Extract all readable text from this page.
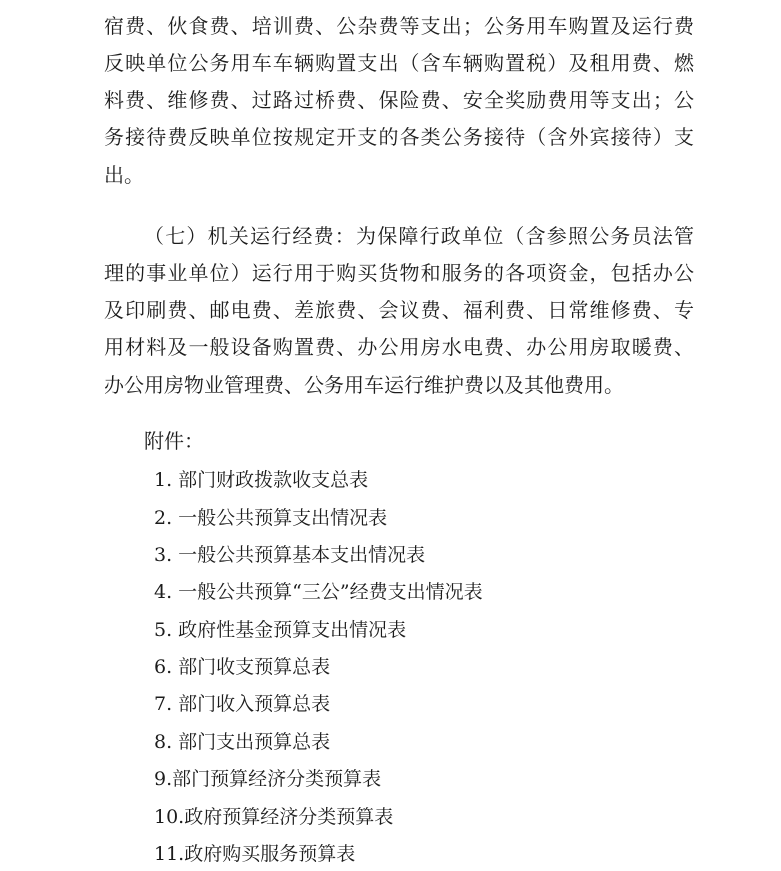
宿费、伙食费、培训费、公杂费等支出；公务用车购置及运行费
反映单位公务用车车辆购置支出（含车辆购置税）及租用费、燃
料费、维修费、过路过桥费、保险费、安全奖励费用等支出；公
务接待费反映单位按规定开支的各类公务接待（含外宾接待）支
出。
（七）机关运行经费：为保障行政单位（含参照公务员法管
理的事业单位）运行用于购买货物和服务的各项资金，包括办公
及印刷费、邮电费、差旅费、会议费、福利费、日常维修费、专
用材料及一般设备购置费、办公用房水电费、办公用房取暖费、
办公用房物业管理费、公务用车运行维护费以及其他费用。
附件：
1. 部门财政拨款收支总表
2. 一般公共预算支出情况表
3. 一般公共预算基本支出情况表
4. 一般公共预算“三公”经费支出情况表
5. 政府性基金预算支出情况表
6. 部门收支预算总表
7. 部门收入预算总表
8. 部门支出预算总表
9.部门预算经济分类预算表
10.政府预算经济分类预算表
11.政府购买服务预算表
